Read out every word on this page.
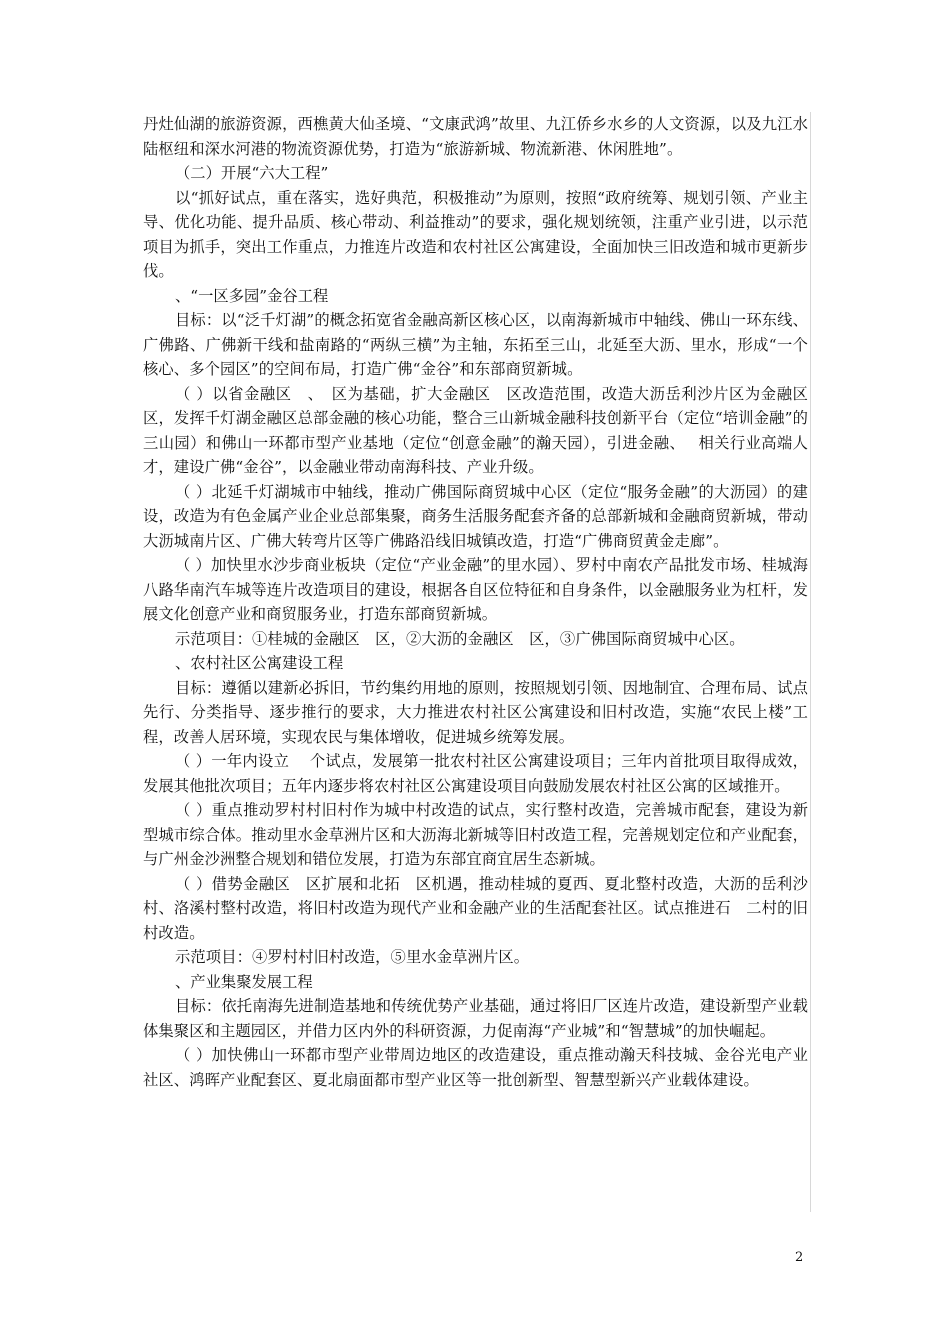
丹灶仙湖的旅游资源，西樵黄大仙圣境、“文康武鸿”故里、九江侨乡水乡的人文资源，以及九江水陆枢纽和深水河港的物流资源优势，打造为“旅游新城、物流新港、休闲胜地”。

（二）开展“六大工程”

以“抓好试点，重在落实，选好典范，积极推动”为原则，按照“政府统筹、规划引领、产业主导、优化功能、提升品质、核心带动、利益推动”的要求，强化规划统领，注重产业引进，以示范项目为抓手，突出工作重点，力推连片改造和农村社区公寓建设，全面加快三旧改造和城市更新步伐。

、“一区多园”金谷工程

目标：以“泛千灯湖”的概念拓宽省金融高新区核心区，以南海新城市中轴线、佛山一环东线、广佛路、广佛新干线和盐南路的“两纵三横”为主轴，东拓至三山，北延至大沥、里水，形成“一个核心、多个园区”的空间布局，打造广佛“金谷”和东部商贸新城。

（ ）以省金融区　、　区为基础，扩大金融区　区改造范围，改造大沥岳利沙片区为金融区　区，发挥千灯湖金融区总部金融的核心功能，整合三山新城金融科技创新平台（定位“培训金融”的三山园）和佛山一环都市型产业基地（定位“创意金融”的瀚天园），引进金融、　 相关行业高端人才，建设广佛“金谷”，以金融业带动南海科技、产业升级。

（ ）北延千灯湖城市中轴线，推动广佛国际商贸城中心区（定位“服务金融”的大沥园）的建设，改造为有色金属产业企业总部集聚，商务生活服务配套齐备的总部新城和金融商贸新城，带动大沥城南片区、广佛大转弯片区等广佛路沿线旧城镇改造，打造“广佛商贸黄金走廊”。

（ ）加快里水沙步商业板块（定位“产业金融”的里水园）、罗村中南农产品批发市场、桂城海八路华南汽车城等连片改造项目的建设，根据各自区位特征和自身条件，以金融服务业为杠杆，发展文化创意产业和商贸服务业，打造东部商贸新城。

示范项目：①桂城的金融区　区，②大沥的金融区　区，③广佛国际商贸城中心区。

、农村社区公寓建设工程

目标：遵循以建新必拆旧，节约集约用地的原则，按照规划引领、因地制宜、合理布局、试点先行、分类指导、逐步推行的要求，大力推进农村社区公寓建设和旧村改造，实施“农民上楼”工程，改善人居环境，实现农民与集体增收，促进城乡统筹发展。

（ ）一年内设立　 个试点，发展第一批农村社区公寓建设项目；三年内首批项目取得成效，发展其他批次项目；五年内逐步将农村社区公寓建设项目向鼓励发展农村社区公寓的区域推开。

（ ）重点推动罗村村旧村作为城中村改造的试点，实行整村改造，完善城市配套，建设为新型城市综合体。推动里水金草洲片区和大沥海北新城等旧村改造工程，完善规划定位和产业配套，与广州金沙洲整合规划和错位发展，打造为东部宜商宜居生态新城。

（ ）借势金融区　区扩展和北拓　区机遇，推动桂城的夏西、夏北整村改造，大沥的岳利沙村、洛溪村整村改造，将旧村改造为现代产业和金融产业的生活配套社区。试点推进石　二村的旧村改造。

示范项目：④罗村村旧村改造，⑤里水金草洲片区。

、产业集聚发展工程

目标：依托南海先进制造基地和传统优势产业基础，通过将旧厂区连片改造，建设新型产业载体集聚区和主题园区，并借力区内外的科研资源，力促南海“产业城”和“智慧城”的加快崛起。

（ ）加快佛山一环都市型产业带周边地区的改造建设，重点推动瀚天科技城、金谷光电产业社区、鸿晖产业配套区、夏北扇面都市型产业区等一批创新型、智慧型新兴产业载体建设。

2
